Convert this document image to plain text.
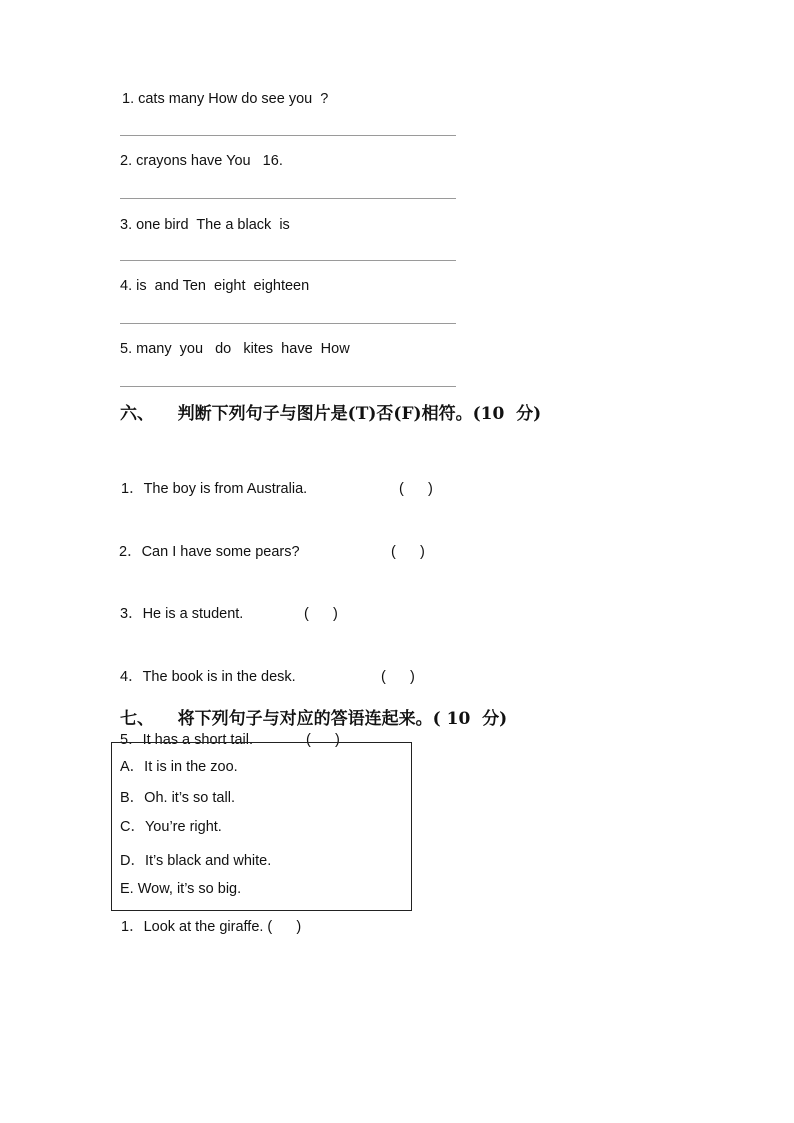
1. cats many How do see you  ?
2. crayons have You   16.
3. one bird  The a black  is
4. is  and Ten  eight  eighteen
5. many  you   do   kites  have  How
六、    判断下列句子与图片是(T)否(F)相符。(10  分)
1．The boy is from Australia.	(      )
2．Can I have some pears?	(      )
3．He is a student.	(      )
4．The book is in the desk.	(      )
七、    将下列句子与对应的答语连起来。( 10  分)
5．It has a short tail.	(      )
A．It is in the zoo.
B．Oh. it’s so tall.
C．You’re right.
D．It’s black and white.
E. Wow, it’s so big.
1．Look at the giraffe. (      )
